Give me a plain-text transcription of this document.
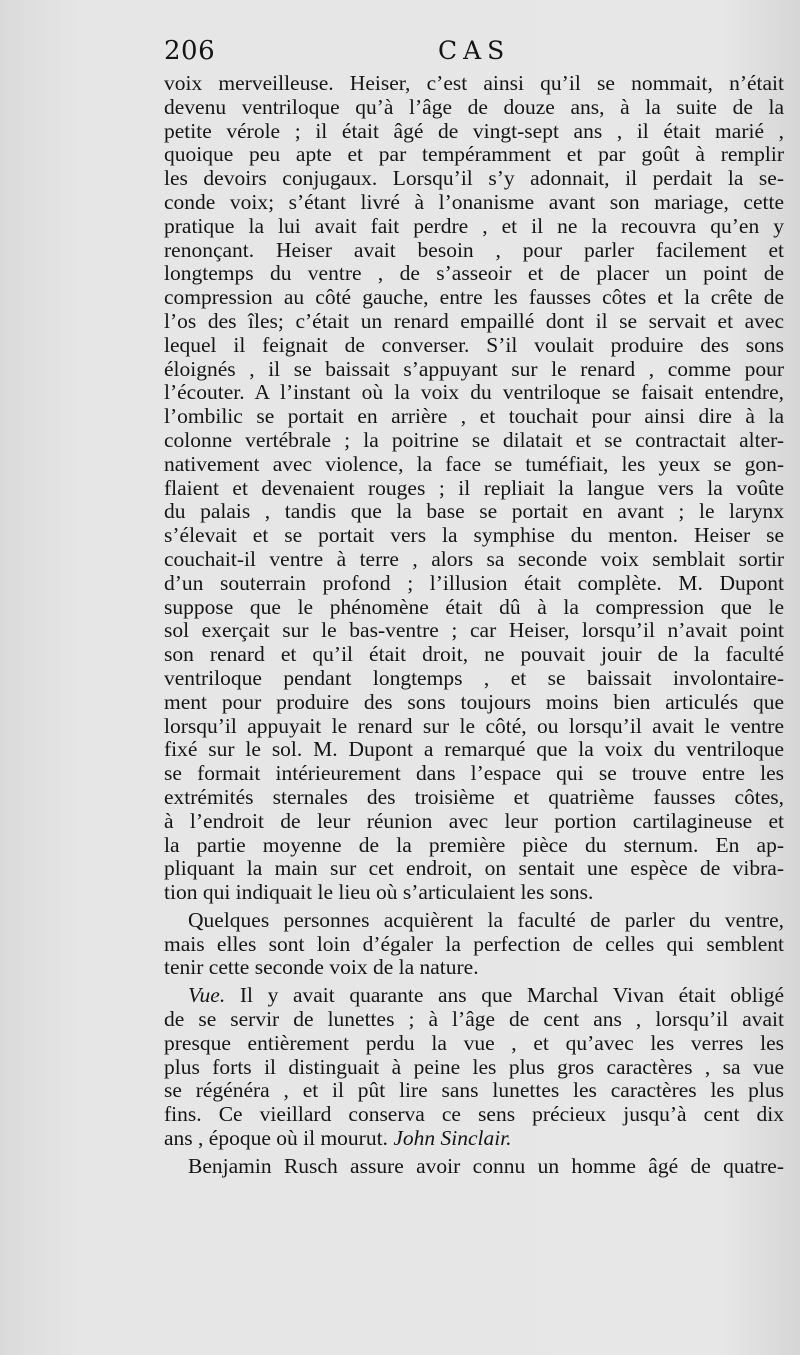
206	CAS
voix merveilleuse. Heiser, c’est ainsi qu’il se nommait, n’était
devenu ventriloque qu’à l’âge de douze ans, à la suite de la
petite vérole ; il était âgé de vingt-sept ans , il était marié ,
quoique peu apte et par tempéramment et par goût à remplir
les devoirs conjugaux. Lorsqu’il s’y adonnait, il perdait la se-
conde voix; s’étant livré à l’onanisme avant son mariage, cette
pratique la lui avait fait perdre , et il ne la recouvra qu’en y
renonçant. Heiser avait besoin , pour parler facilement et
longtemps du ventre , de s’asseoir et de placer un point de
compression au côté gauche, entre les fausses côtes et la crête de
l’os des îles; c’était un renard empaillé dont il se servait et avec
lequel il feignait de converser. S’il voulait produire des sons
éloignés , il se baissait s’appuyant sur le renard , comme pour
l’écouter. A l’instant où la voix du ventriloque se faisait entendre,
l’ombilic se portait en arrière , et touchait pour ainsi dire à la
colonne vertébrale ; la poitrine se dilatait et se contractait alter-
nativement avec violence, la face se tuméfiait, les yeux se gon-
flaient et devenaient rouges ; il repliait la langue vers la voûte
du palais , tandis que la base se portait en avant ; le larynx
s’élevait et se portait vers la symphise du menton. Heiser se
couchait-il ventre à terre , alors sa seconde voix semblait sortir
d’un souterrain profond ; l’illusion était complète. M. Dupont
suppose que le phénomène était dû à la compression que le
sol exerçait sur le bas-ventre ; car Heiser, lorsqu’il n’avait point
son renard et qu’il était droit, ne pouvait jouir de la faculté
ventriloque pendant longtemps , et se baissait involontaire-
ment pour produire des sons toujours moins bien articulés que
lorsqu’il appuyait le renard sur le côté, ou lorsqu’il avait le ventre
fixé sur le sol. M. Dupont a remarqué que la voix du ventriloque
se formait intérieurement dans l’espace qui se trouve entre les
extrémités sternales des troisième et quatrième fausses côtes,
à l’endroit de leur réunion avec leur portion cartilagineuse et
la partie moyenne de la première pièce du sternum. En ap-
pliquant la main sur cet endroit, on sentait une espèce de vibra-
tion qui indiquait le lieu où s’articulaient les sons.
Quelques personnes acquièrent la faculté de parler du ventre,
mais elles sont loin d’égaler la perfection de celles qui semblent
tenir cette seconde voix de la nature.
Vue. Il y avait quarante ans que Marchal Vivan était obligé
de se servir de lunettes ; à l’âge de cent ans , lorsqu’il avait
presque entièrement perdu la vue , et qu’avec les verres les
plus forts il distinguait à peine les plus gros caractères , sa vue
se régénéra , et il pût lire sans lunettes les caractères les plus
fins. Ce vieillard conserva ce sens précieux jusqu’à cent dix
ans , époque où il mourut. John Sinclair.
Benjamin Rusch assure avoir connu un homme âgé de quatre-
